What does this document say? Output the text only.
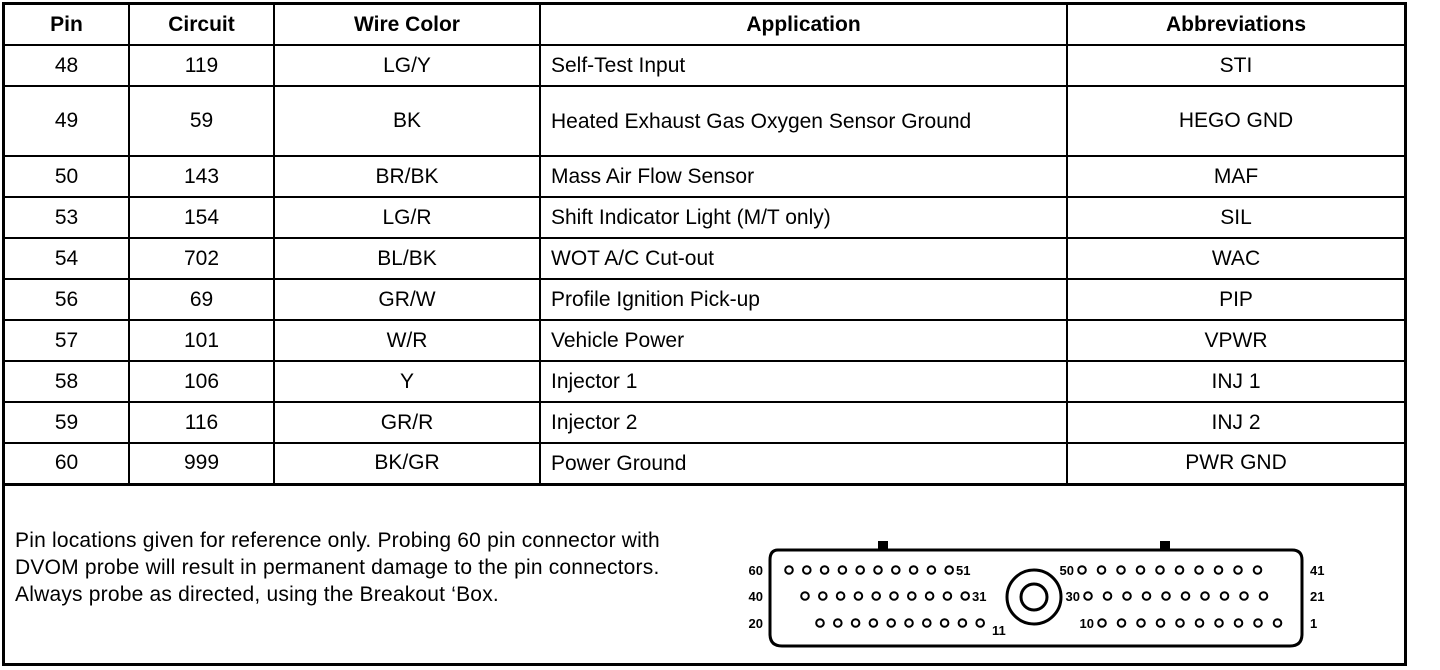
Pin	Circuit	Wire Color	Application	Abbreviations
48	119	LG/Y	Self-Test Input	STI
49	59	BK	Heated Exhaust Gas Oxygen Sensor Ground	HEGO GND
50	143	BR/BK	Mass Air Flow Sensor	MAF
53	154	LG/R	Shift Indicator Light (M/T only)	SIL
54	702	BL/BK	WOT A/C Cut-out	WAC
56	69	GR/W	Profile Ignition Pick-up	PIP
57	101	W/R	Vehicle Power	VPWR
58	106	Y	Injector 1	INJ 1
59	116	GR/R	Injector 2	INJ 2
60	999	BK/GR	Power Ground	PWR GND
Pin locations given for reference only. Probing 60 pin connector with DVOM probe will result in permanent damage to the pin connectors. Always probe as directed, using the Breakout ‘Box.
60
40
20
41
21
1
51
31
11
50
30
10
